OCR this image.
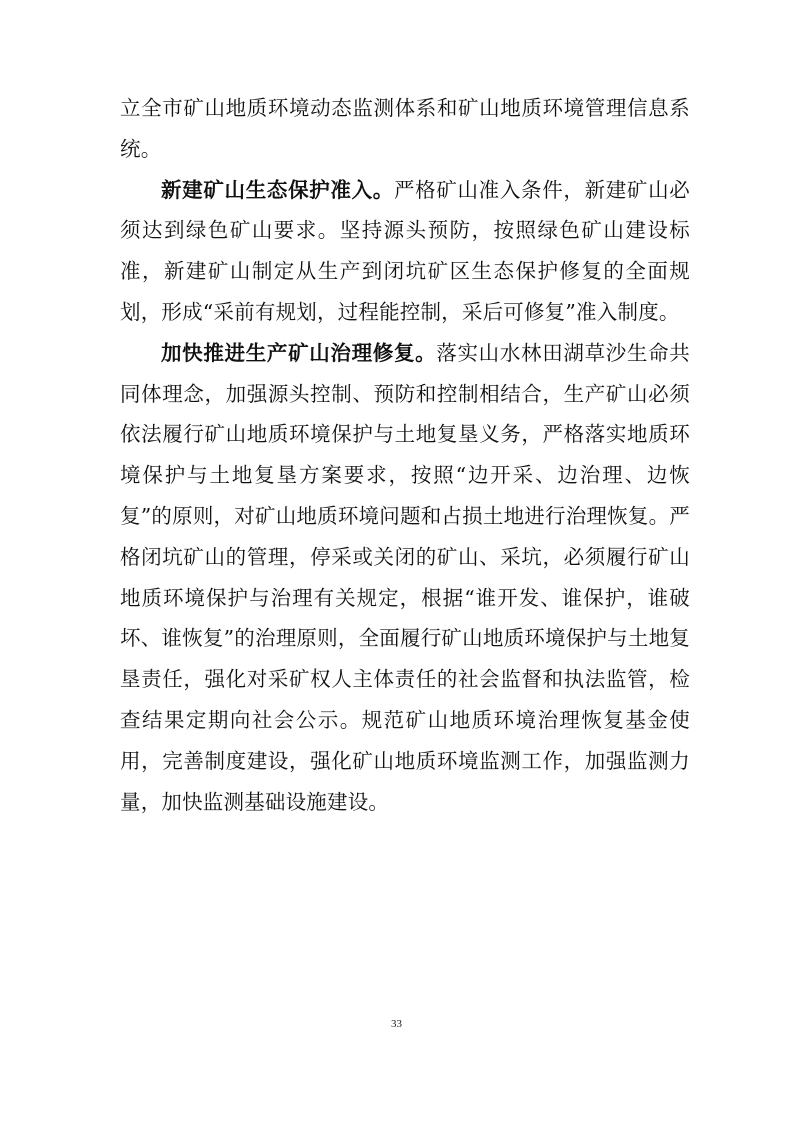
立全市矿山地质环境动态监测体系和矿山地质环境管理信息系统。

新建矿山生态保护准入。严格矿山准入条件，新建矿山必须达到绿色矿山要求。坚持源头预防，按照绿色矿山建设标准，新建矿山制定从生产到闭坑矿区生态保护修复的全面规划，形成“采前有规划，过程能控制，采后可修复”准入制度。

加快推进生产矿山治理修复。落实山水林田湖草沙生命共同体理念，加强源头控制、预防和控制相结合，生产矿山必须依法履行矿山地质环境保护与土地复垦义务，严格落实地质环境保护与土地复垦方案要求，按照“边开采、边治理、边恢复”的原则，对矿山地质环境问题和占损土地进行治理恢复。严格闭坑矿山的管理，停采或关闭的矿山、采坑，必须履行矿山地质环境保护与治理有关规定，根据“谁开发、谁保护，谁破坏、谁恢复”的治理原则，全面履行矿山地质环境保护与土地复垦责任，强化对采矿权人主体责任的社会监督和执法监管，检查结果定期向社会公示。规范矿山地质环境治理恢复基金使用，完善制度建设，强化矿山地质环境监测工作，加强监测力量，加快监测基础设施建设。

33
